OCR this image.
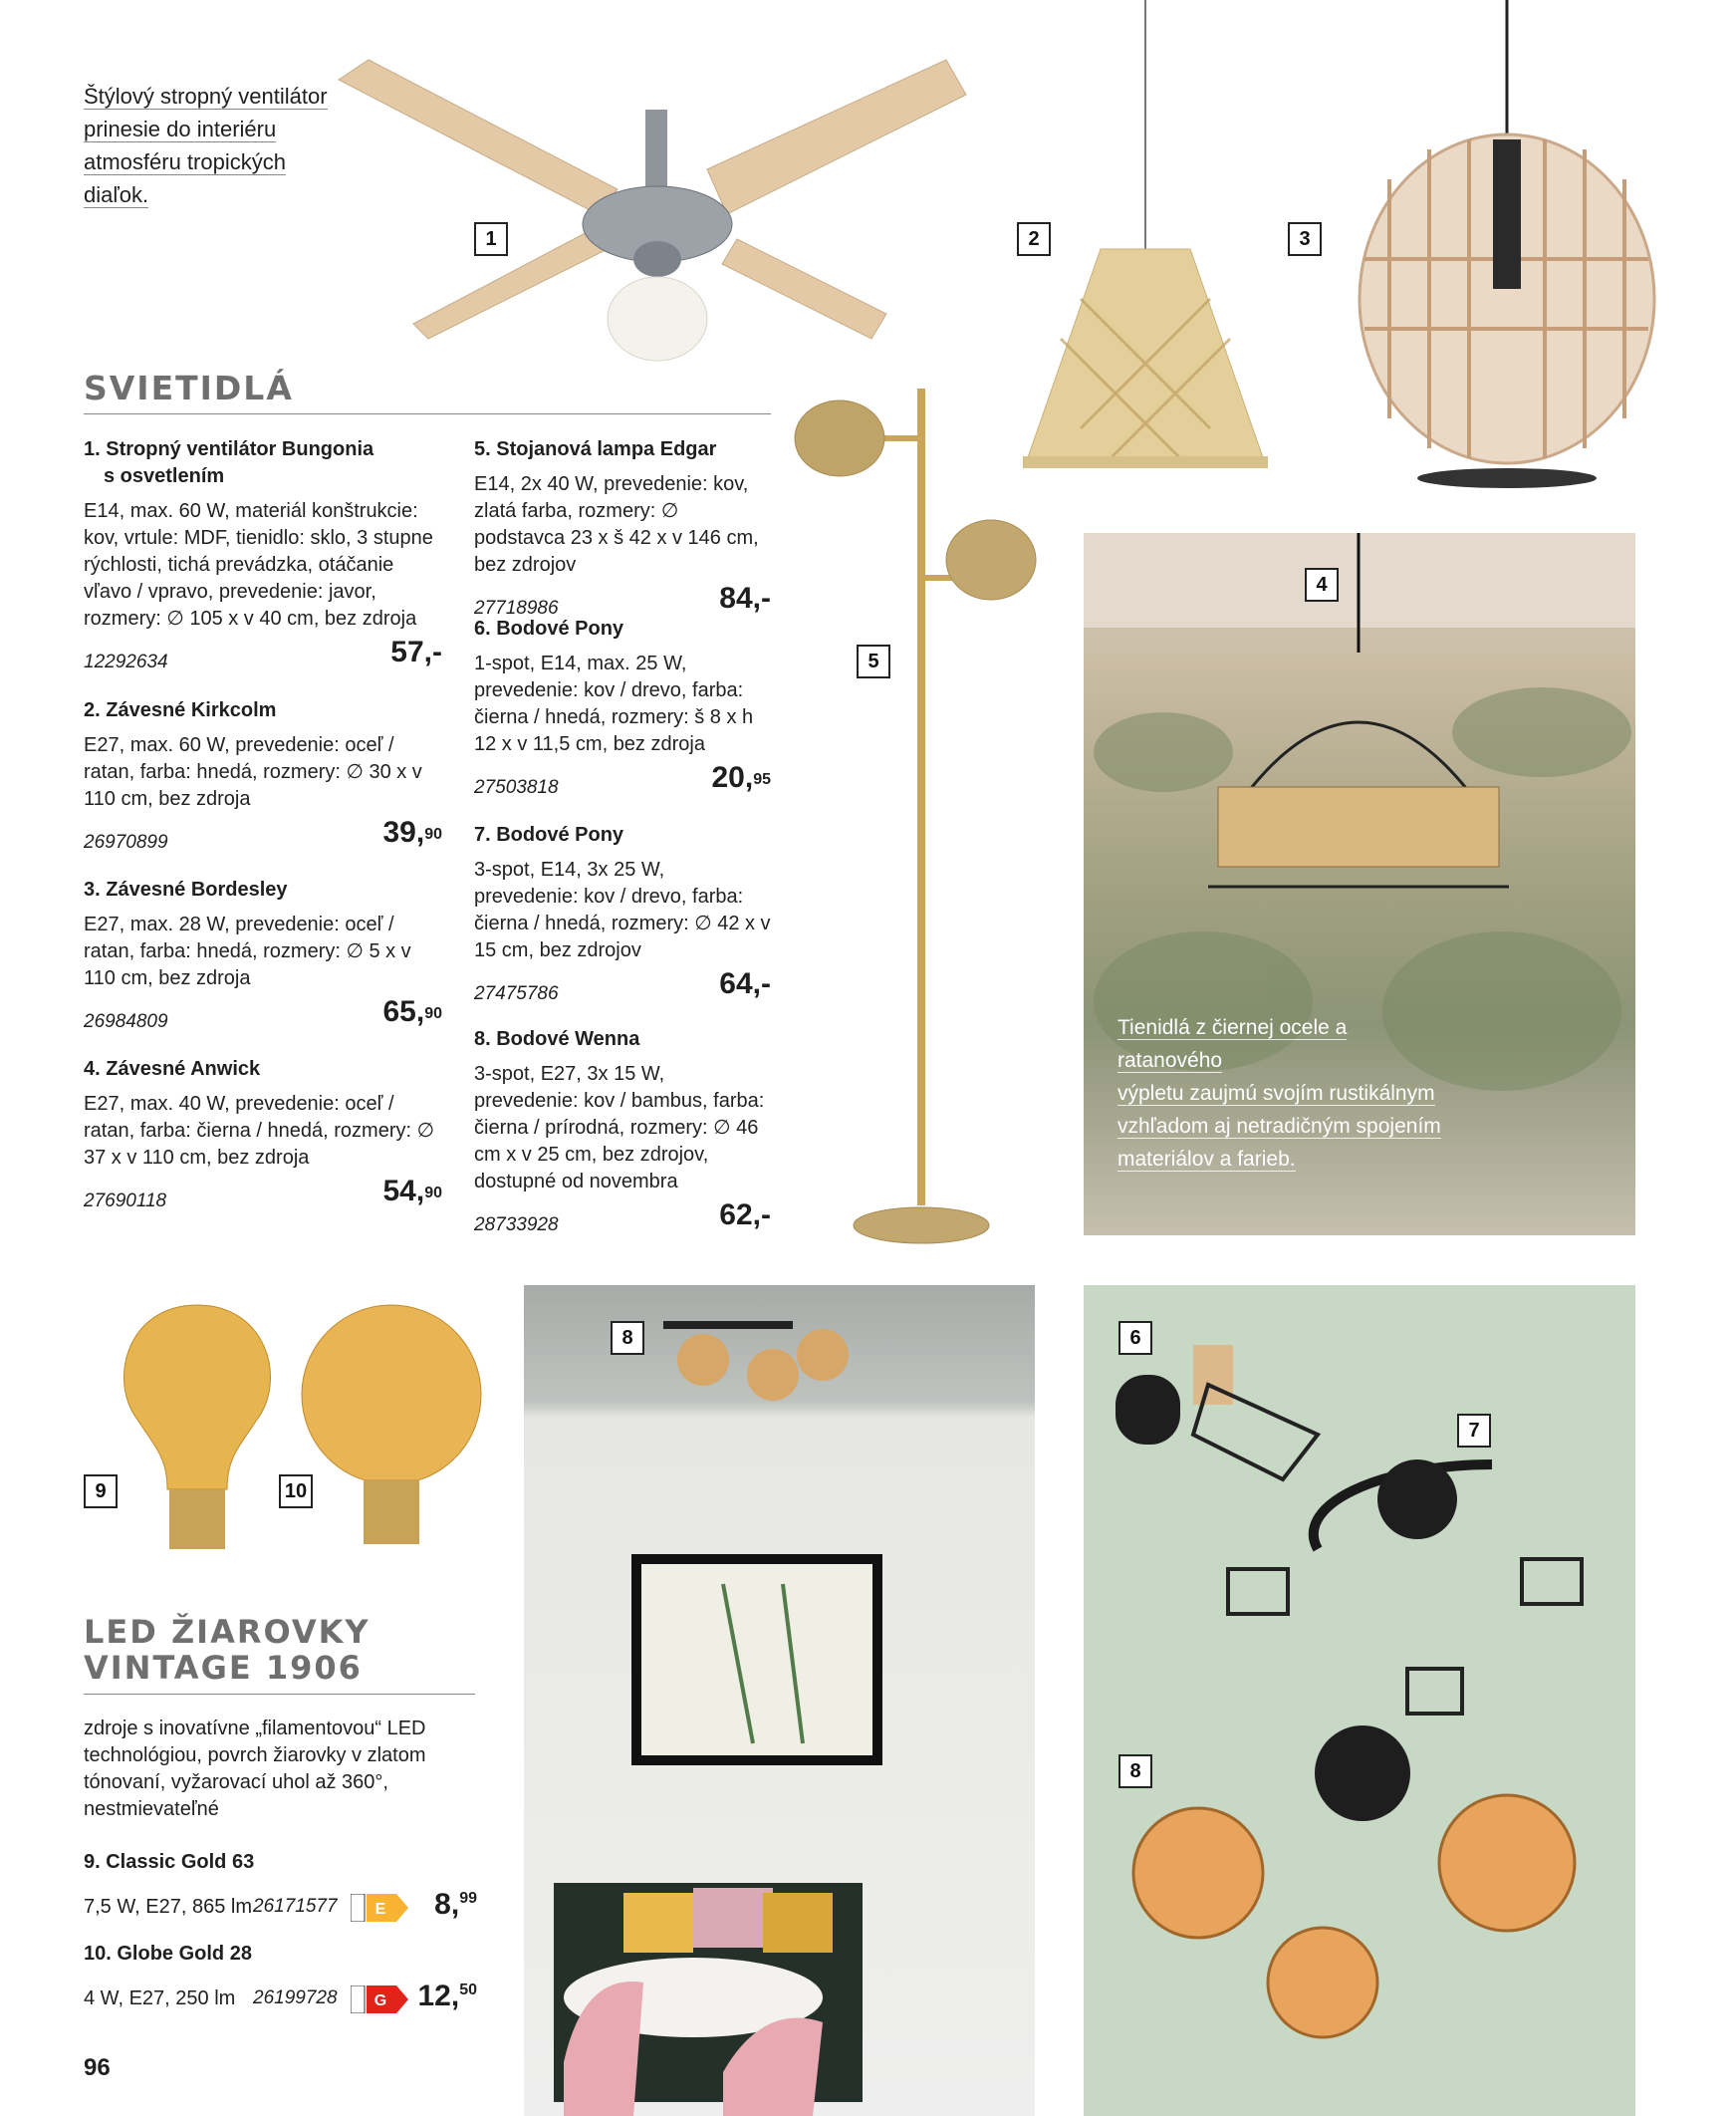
Štýlový stropný ventilátor
prinesie do interiéru
atmosféru tropických
diaľok.
Tienidlá z čiernej ocele a ratanového
výpletu zaujmú svojím rustikálnym
vzhľadom aj netradičným spojením
materiálov a farieb.
SVIETIDLÁ
1. Stropný ventilátor Bungonia
s osvetlením
E14, max. 60 W, materiál konštrukcie: kov, vrtule: MDF, tienidlo: sklo, 3 stupne rýchlosti, tichá prevádzka, otáčanie vľavo / vpravo, prevedenie: javor, rozmery: ∅ 105 x v 40 cm, bez zdroja
12292634	57,-
2. Závesné Kirkcolm
E27, max. 60 W, prevedenie: oceľ / ratan, farba: hnedá, rozmery: ∅ 30 x v 110 cm, bez zdroja
26970899	39,90
3. Závesné Bordesley
E27, max. 28 W, prevedenie: oceľ / ratan, farba: hnedá, rozmery: ∅ 5 x v 110 cm, bez zdroja
26984809	65,90
4. Závesné Anwick
E27, max. 40 W, prevedenie: oceľ / ratan, farba: čierna / hnedá, rozmery: ∅ 37 x v 110 cm, bez zdroja
27690118	54,90
5. Stojanová lampa Edgar
E14, 2x 40 W, prevedenie: kov, zlatá farba, rozmery: ∅ podstavca 23 x š 42 x v 146 cm, bez zdrojov
27718986	84,-
6. Bodové Pony
1-spot, E14, max. 25 W, prevedenie: kov / drevo, farba: čierna / hnedá, rozmery: š 8 x h 12 x v 11,5 cm, bez zdroja
27503818	20,95
7. Bodové Pony
3-spot, E14, 3x 25 W, prevedenie: kov / drevo, farba: čierna / hnedá, rozmery: ∅ 42 x v 15 cm, bez zdrojov
27475786	64,-
8. Bodové Wenna
3-spot, E27, 3x 15 W, prevedenie: kov / bambus, farba: čierna / prírodná, rozmery: ∅ 46 cm x v 25 cm, bez zdrojov, dostupné od novembra
28733928	62,-
1	2	3
4
5
6
7
8
8
9	10
LED ŽIAROVKY
VINTAGE 1906
zdroje s inovatívne „filamentovou“ LED technológiou, povrch žiarovky v zlatom tónovaní, vyžarovací uhol až 360°, nestmievateľné
9. Classic Gold 63
7,5 W, E27, 865 lm 26171577 E 8,99
10. Globe Gold 28
4 W, E27, 250 lm 26199728 G 12,50
96
